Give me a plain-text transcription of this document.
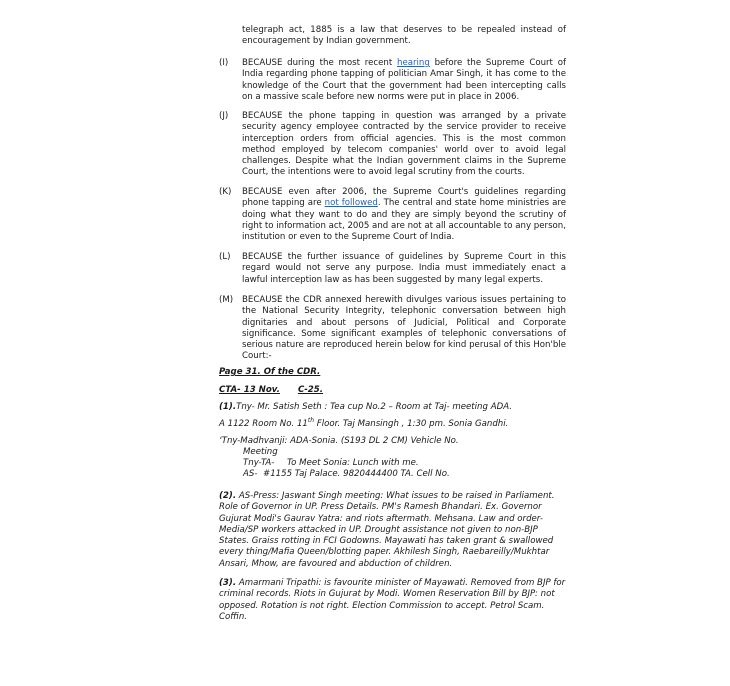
telegraph act, 1885 is a law that deserves to be repealed instead of encouragement by Indian government.
(I)	BECAUSE during the most recent hearing before the Supreme Court of India regarding phone tapping of politician Amar Singh, it has come to the knowledge of the Court that the government had been intercepting calls on a massive scale before new norms were put in place in 2006.
(J)	BECAUSE the phone tapping in question was arranged by a private security agency employee contracted by the service provider to receive interception orders from official agencies. This is the most common method employed by telecom companies' world over to avoid legal challenges. Despite what the Indian government claims in the Supreme Court, the intentions were to avoid legal scrutiny from the courts.
(K)	BECAUSE even after 2006, the Supreme Court's guidelines regarding phone tapping are not followed. The central and state home ministries are doing what they want to do and they are simply beyond the scrutiny of right to information act, 2005 and are not at all accountable to any person, institution or even to the Supreme Court of India.
(L)	BECAUSE the further issuance of guidelines by Supreme Court in this regard would not serve any purpose. India must immediately enact a lawful interception law as has been suggested by many legal experts.
(M)	BECAUSE the CDR annexed herewith divulges various issues pertaining to the National Security Integrity, telephonic conversation between high dignitaries and about persons of Judicial, Political and Corporate significance. Some significant examples of telephonic conversations of serious nature are reproduced herein below for kind perusal of this Hon'ble Court:-
Page 31. Of the CDR.
CTA- 13 Nov. C-25.
(1).Tny- Mr. Satish Seth : Tea cup No.2 – Room at Taj- meeting ADA.
A 1122 Room No. 11th Floor. Taj Mansingh , 1:30 pm. Sonia Gandhi.
‘Tny-Madhvanji: ADA-Sonia. (S193 DL 2 CM) Vehicle No.
Meeting
Tny-TA- To Meet Sonia: Lunch with me.
AS- #1155 Taj Palace. 9820444400 TA. Cell No.
(2). AS-Press: Jaswant Singh meeting: What issues to be raised in Parliament. Role of Governor in UP. Press Details. PM's Ramesh Bhandari. Ex. Governor Gujurat Modi's Gaurav Yatra: and riots aftermath. Mehsana. Law and order-Media/SP workers attacked in UP. Drought assistance not given to non-BJP States. Graiss rotting in FCI Godowns. Mayawati has taken grant & swallowed every thing/Mafia Queen/blotting paper. Akhilesh Singh, Raebareilly/Mukhtar Ansari, Mhow, are favoured and abduction of children.
(3). Amarmani Tripathi: is favourite minister of Mayawati. Removed from BJP for criminal records. Riots in Gujurat by Modi. Women Reservation Bill by BJP: not opposed. Rotation is not right. Election Commission to accept. Petrol Scam. Coffin.
